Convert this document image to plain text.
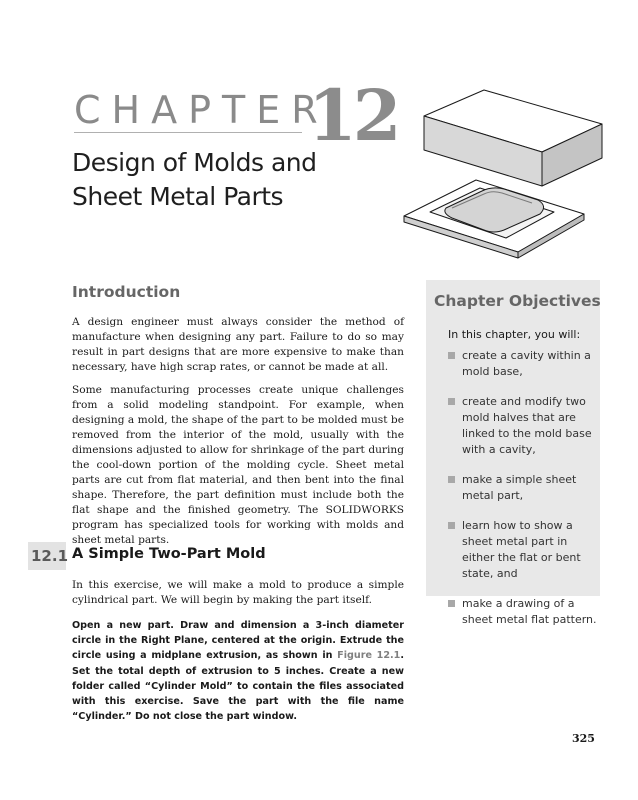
CHAPTER
12
Design of Molds and
Sheet Metal Parts
Introduction
A design engineer must always consider the method of manufacture when designing any part. Failure to do so may result in part designs that are more expensive to make than necessary, have high scrap rates, or cannot be made at all.
Some manufacturing processes create unique challenges from a solid modeling standpoint. For example, when designing a mold, the shape of the part to be molded must be removed from the interior of the mold, usually with the dimensions adjusted to allow for shrinkage of the part during the cool-down portion of the molding cycle. Sheet metal parts are cut from flat material, and then bent into the final shape. Therefore, the part definition must include both the flat shape and the finished geometry. The SOLIDWORKS program has specialized tools for working with molds and sheet metal parts.
12.1 A Simple Two-Part Mold
In this exercise, we will make a mold to produce a simple cylindrical part. We will begin by making the part itself.
Open a new part. Draw and dimension a 3-inch diameter circle in the Right Plane, centered at the origin. Extrude the circle using a midplane extrusion, as shown in Figure 12.1. Set the total depth of extrusion to 5 inches. Create a new folder called “Cylinder Mold” to contain the files associated with this exercise. Save the part with the file name “Cylinder.” Do not close the part window.
Chapter Objectives
In this chapter, you will:
create a cavity within a mold base,
create and modify two mold halves that are linked to the mold base with a cavity,
make a simple sheet metal part,
learn how to show a sheet metal part in either the flat or bent state, and
make a drawing of a sheet metal flat pattern.
325
